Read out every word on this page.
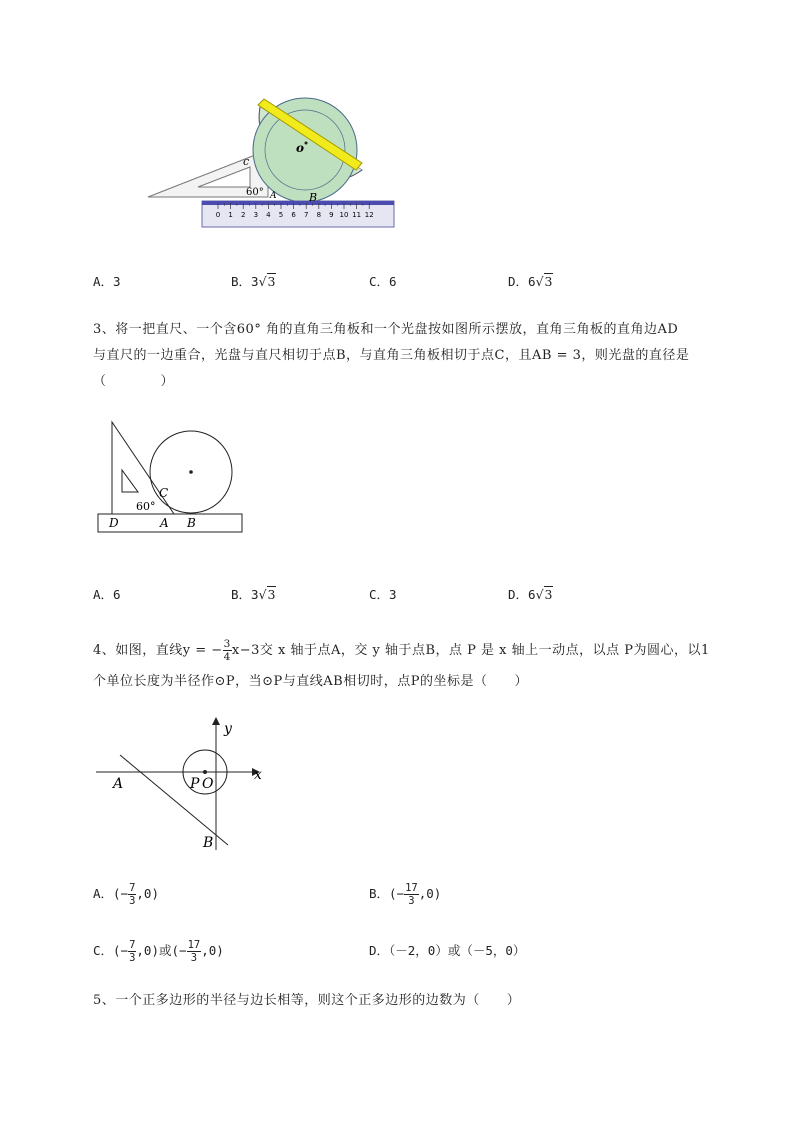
0 1 2 3 4 5 6 7 8 9 10 11 12
o
c
60° A	B
A．3	B．3√3	C．6	D．6√3
3、将一把直尺、一个含60° 角的直角三角板和一个光盘按如图所示摆放，直角三角板的直角边AD
与直尺的一边重合，光盘与直尺相切于点B，与直角三角板相切于点C，且AB = 3，则光盘的直径是
（　　　　）
C
60°
D	A B
A．6	B．3√3	C．3	D．6√3
4、如图，直线y = − $\frac{3}{4} x-3$交 x 轴于点A，交 y 轴于点B，点 P 是 x 轴上一动点，以点 P为圆心，以1
个单位长度为半径作⊙P，当⊙P与直线AB相切时，点P的坐标是（　　）
y
x
A	P O
B
A．(− $\frac{7}{3} ,0$)	B．(− $\frac{17}{3} ,0$)
C．(− $\frac{7}{3} ,0$)或(− $\frac{17}{3} ,0$)	D．（－2，0）或（－5，0）
5、一个正多边形的半径与边长相等，则这个正多边形的边数为（　　）
